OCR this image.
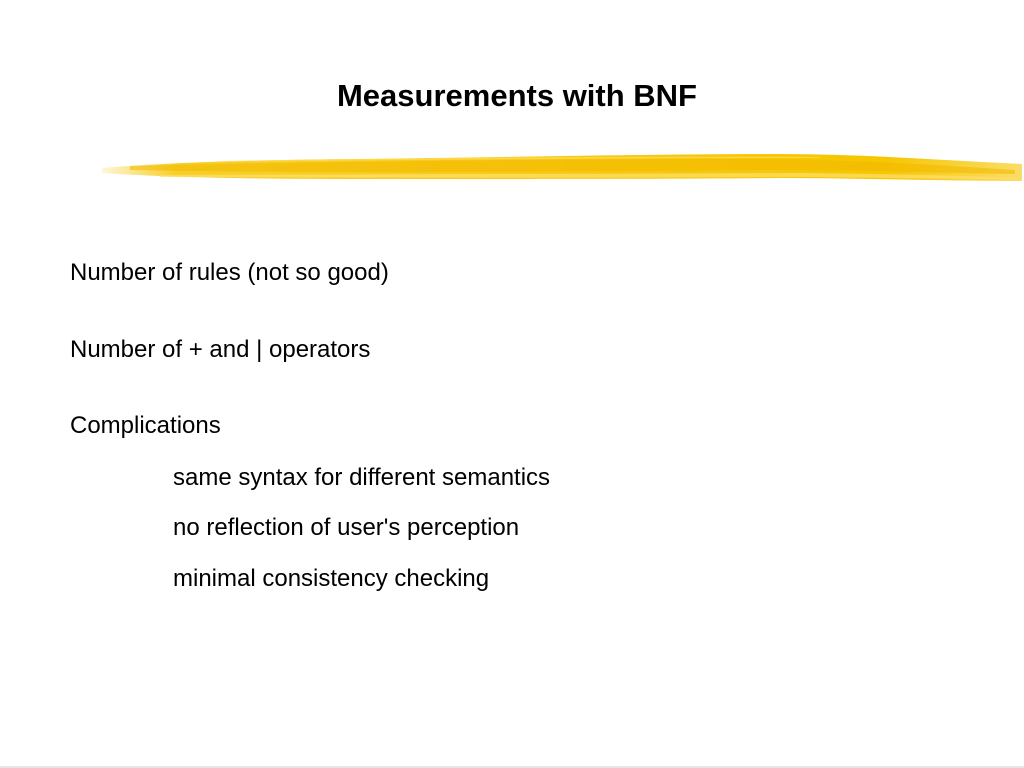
Measurements with BNF

Number of rules (not so good)

Number of + and | operators

Complications

same syntax for different semantics

no reflection of user's perception

minimal consistency checking
